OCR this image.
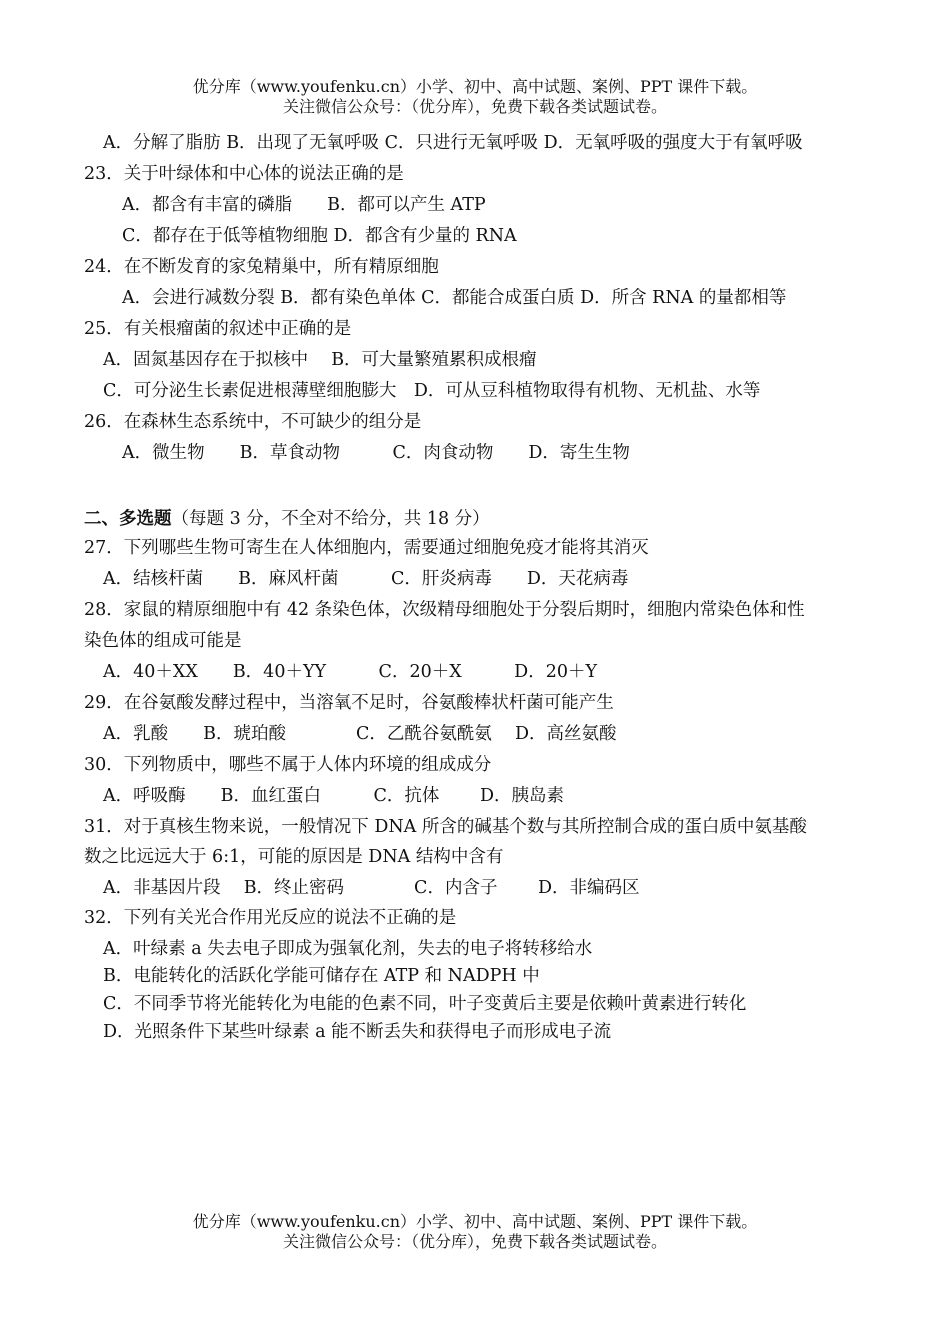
优分库（www.youfenku.cn）小学、初中、高中试题、案例、PPT 课件下载。
关注微信公众号：（优分库），免费下载各类试题试卷。
A．分解了脂肪 B．出现了无氧呼吸 C．只进行无氧呼吸 D．无氧呼吸的强度大于有氧呼吸
23．关于叶绿体和中心体的说法正确的是
A．都含有丰富的磷脂　　B．都可以产生 ATP
C．都存在于低等植物细胞 D．都含有少量的 RNA
24．在不断发育的家兔精巢中，所有精原细胞
A．会进行减数分裂 B．都有染色单体 C．都能合成蛋白质 D．所含 RNA 的量都相等
25．有关根瘤菌的叙述中正确的是
A．固氮基因存在于拟核中　 B．可大量繁殖累积成根瘤
C．可分泌生长素促进根薄壁细胞膨大　D．可从豆科植物取得有机物、无机盐、水等
26．在森林生态系统中，不可缺少的组分是
A．微生物　　B．草食动物　　　C．肉食动物　　D．寄生生物
二、多选题（每题 3 分，不全对不给分，共 18 分）
27．下列哪些生物可寄生在人体细胞内，需要通过细胞免疫才能将其消灭
A．结核杆菌　　B．麻风杆菌　　　C．肝炎病毒　　D．天花病毒
28．家鼠的精原细胞中有 42 条染色体，次级精母细胞处于分裂后期时，细胞内常染色体和性
染色体的组成可能是
A．40＋XX　　B．40＋YY　　　C．20＋X　　　D．20＋Y
29．在谷氨酸发酵过程中，当溶氧不足时，谷氨酸棒状杆菌可能产生
A．乳酸　　B．琥珀酸　　　　C．乙酰谷氨酰氨　 D．高丝氨酸
30．下列物质中，哪些不属于人体内环境的组成成分
A．呼吸酶　　B．血红蛋白　　　C．抗体　　 D．胰岛素
31．对于真核生物来说，一般情况下 DNA 所含的碱基个数与其所控制合成的蛋白质中氨基酸
数之比远远大于 6:1，可能的原因是 DNA 结构中含有
A．非基因片段　 B．终止密码　　　　C．内含子　　 D．非编码区
32．下列有关光合作用光反应的说法不正确的是
A．叶绿素 a 失去电子即成为强氧化剂，失去的电子将转移给水
B．电能转化的活跃化学能可储存在 ATP 和 NADPH 中
C．不同季节将光能转化为电能的色素不同，叶子变黄后主要是依赖叶黄素进行转化
D．光照条件下某些叶绿素 a 能不断丢失和获得电子而形成电子流
优分库（www.youfenku.cn）小学、初中、高中试题、案例、PPT 课件下载。
关注微信公众号：（优分库），免费下载各类试题试卷。
